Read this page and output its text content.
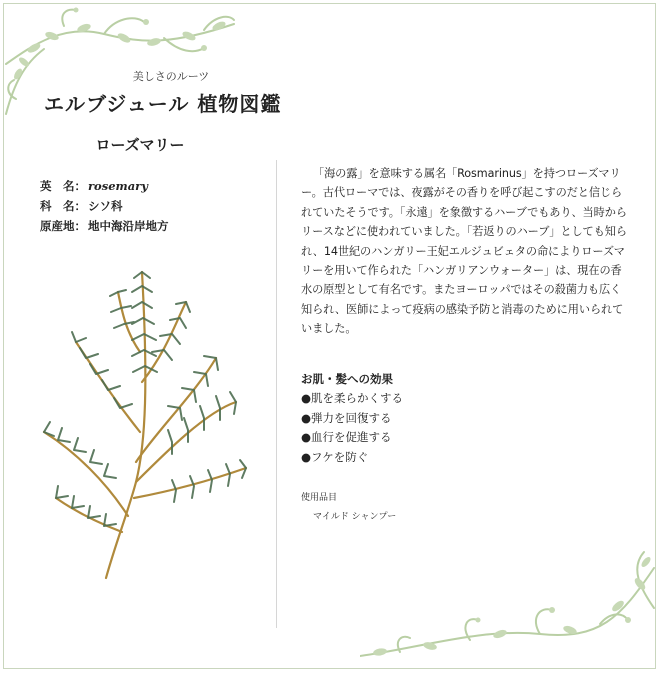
美しさのルーツ
エルブジュール 植物図鑑
ローズマリー
英　名： rosemary
科　名： シソ科
原産地： 地中海沿岸地方
「海の露」を意味する属名「Rosmarinus」を持つローズマリー。古代ローマでは、夜露がその香りを呼び起こすのだと信じられていたそうです。「永遠」を象徴するハーブでもあり、当時からリースなどに使われていました。「若返りのハーブ」としても知られ、14世紀のハンガリー王妃エルジュビェタの命によりローズマリーを用いて作られた「ハンガリアンウォーター」は、現在の香水の原型として有名です。またヨーロッパではその殺菌力も広く知られ、医師によって疫病の感染予防と消毒のために用いられていました。
お肌・髪への効果
●肌を柔らかくする
●弾力を回復する
●血行を促進する
●フケを防ぐ
使用品目
マイルド シャンプー
